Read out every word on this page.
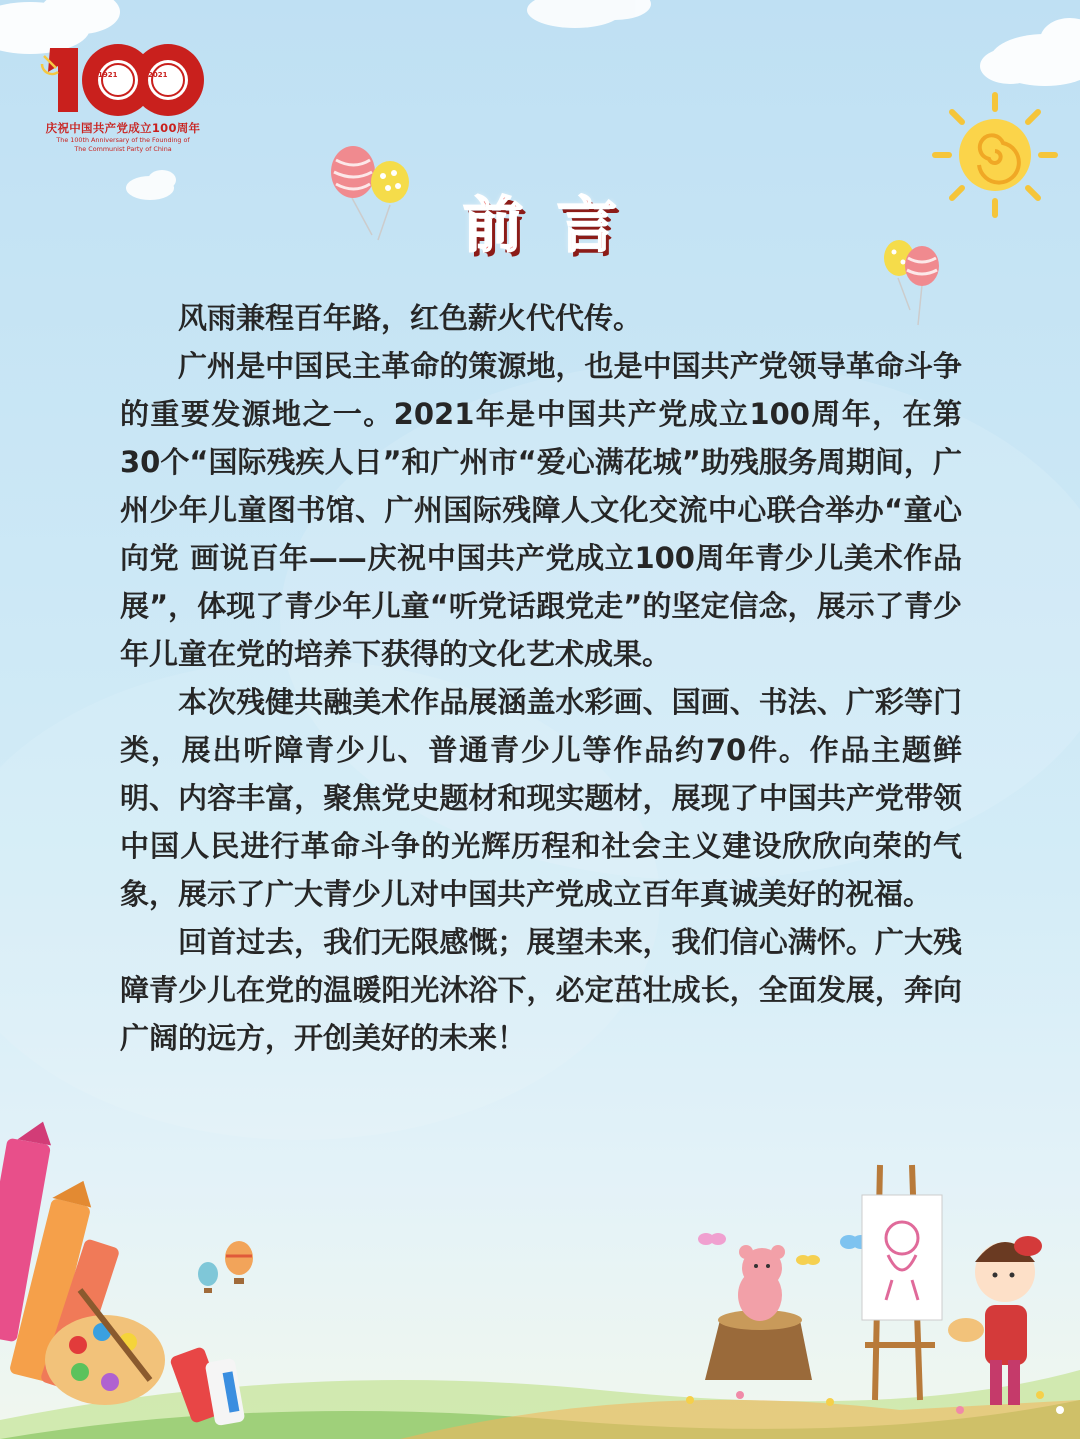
1921	2021
庆祝中国共产党成立100周年
The 100th Anniversary of the Founding of
The Communist Party of China
前言

风雨兼程百年路，红色薪火代代传。

广州是中国民主革命的策源地，也是中国共产党领导革命斗争的重要发源地之一。2021年是中国共产党成立100周年，在第30个“国际残疾人日”和广州市“爱心满花城”助残服务周期间，广州少年儿童图书馆、广州国际残障人文化交流中心联合举办“童心向党 画说百年——庆祝中国共产党成立100周年青少儿美术作品展”，体现了青少年儿童“听党话跟党走”的坚定信念，展示了青少年儿童在党的培养下获得的文化艺术成果。

本次残健共融美术作品展涵盖水彩画、国画、书法、广彩等门类，展出听障青少儿、普通青少儿等作品约70件。作品主题鲜明、内容丰富，聚焦党史题材和现实题材，展现了中国共产党带领中国人民进行革命斗争的光辉历程和社会主义建设欣欣向荣的气象，展示了广大青少儿对中国共产党成立百年真诚美好的祝福。

回首过去，我们无限感慨；展望未来，我们信心满怀。广大残障青少儿在党的温暖阳光沐浴下，必定茁壮成长，全面发展，奔向广阔的远方，开创美好的未来！
